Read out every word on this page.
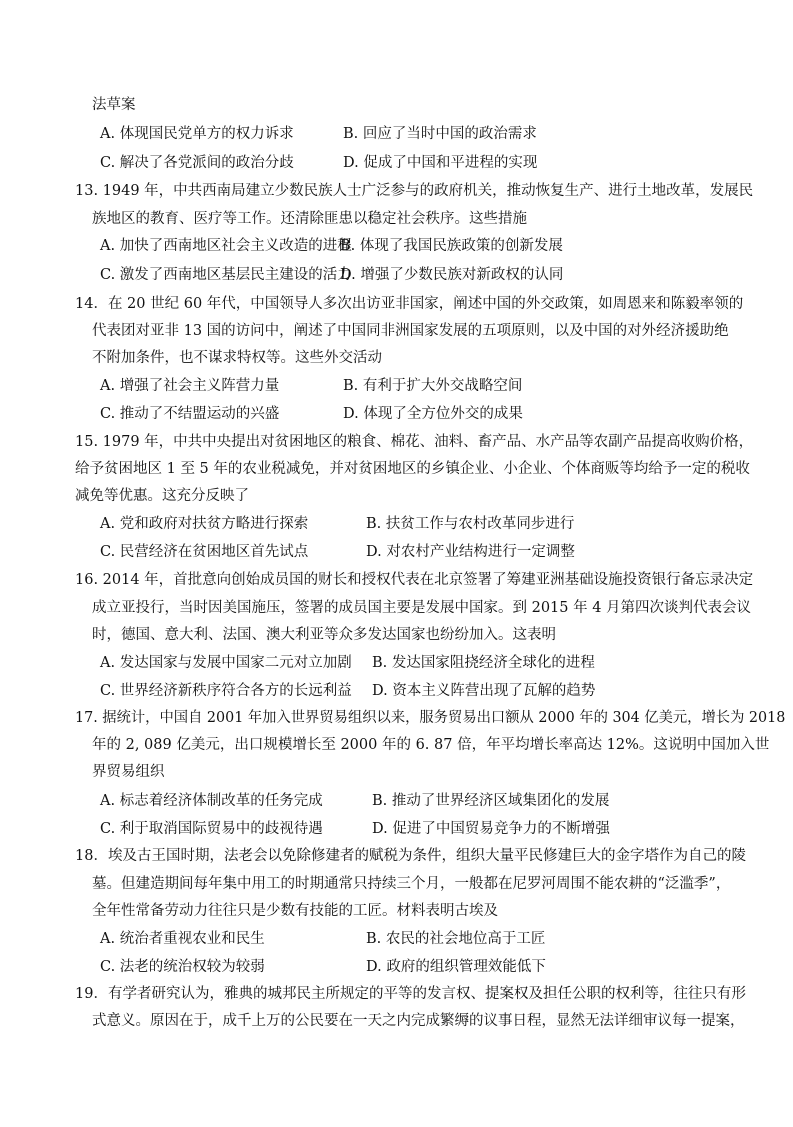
法草案
A. 体现国民党单方的权力诉求	B. 回应了当时中国的政治需求
C. 解决了各党派间的政治分歧	D. 促成了中国和平进程的实现
13. 1949 年，中共西南局建立少数民族人士广泛参与的政府机关，推动恢复生产、进行土地改革，发展民
族地区的教育、医疗等工作。还清除匪患以稳定社会秩序。这些措施
A. 加快了西南地区社会主义改造的进程
B. 体现了我国民族政策的创新发展
C. 激发了西南地区基层民主建设的活力
D. 增强了少数民族对新政权的认同
14．在 20 世纪 60 年代，中国领导人多次出访亚非国家，阐述中国的外交政策，如周恩来和陈毅率领的
代表团对亚非 13 国的访问中，阐述了中国同非洲国家发展的五项原则，以及中国的对外经济援助绝
不附加条件，也不谋求特权等。这些外交活动
A. 增强了社会主义阵营力量	B. 有利于扩大外交战略空间
C. 推动了不结盟运动的兴盛	D. 体现了全方位外交的成果
15. 1979 年，中共中央提出对贫困地区的粮食、棉花、油料、畜产品、水产品等农副产品提高收购价格，
给予贫困地区 1 至 5 年的农业税减免，并对贫困地区的乡镇企业、小企业、个体商贩等均给予一定的税收
减免等优惠。这充分反映了
A. 党和政府对扶贫方略进行探索	B. 扶贫工作与农村改革同步进行
C. 民营经济在贫困地区首先试点	D. 对农村产业结构进行一定调整
16. 2014 年，首批意向创始成员国的财长和授权代表在北京签署了筹建亚洲基础设施投资银行备忘录决定
成立亚投行，当时因美国施压，签署的成员国主要是发展中国家。到 2015 年 4 月第四次谈判代表会议
时，德国、意大利、法国、澳大利亚等众多发达国家也纷纷加入。这表明
A. 发达国家与发展中国家二元对立加剧 B. 发达国家阻挠经济全球化的进程
C. 世界经济新秩序符合各方的长远利益 D. 资本主义阵营出现了瓦解的趋势
17. 据统计，中国自 2001 年加入世界贸易组织以来，服务贸易出口额从 2000 年的 304 亿美元，增长为 2018
年的 2, 089 亿美元，出口规模增长至 2000 年的 6. 87 倍，年平均增长率高达 12%。这说明中国加入世
界贸易组织
A. 标志着经济体制改革的任务完成	B. 推动了世界经济区域集团化的发展
C. 利于取消国际贸易中的歧视待遇	D. 促进了中国贸易竞争力的不断增强
18．埃及古王国时期，法老会以免除修建者的赋税为条件，组织大量平民修建巨大的金字塔作为自己的陵
墓。但建造期间每年集中用工的时期通常只持续三个月，一般都在尼罗河周围不能农耕的“泛滥季”，
全年性常备劳动力往往只是少数有技能的工匠。材料表明古埃及
A. 统治者重视农业和民生	B. 农民的社会地位高于工匠
C. 法老的统治权较为较弱	D. 政府的组织管理效能低下
19．有学者研究认为，雅典的城邦民主所规定的平等的发言权、提案权及担任公职的权利等，往往只有形
式意义。原因在于，成千上万的公民要在一天之内完成繁缛的议事日程，显然无法详细审议每一提案，
